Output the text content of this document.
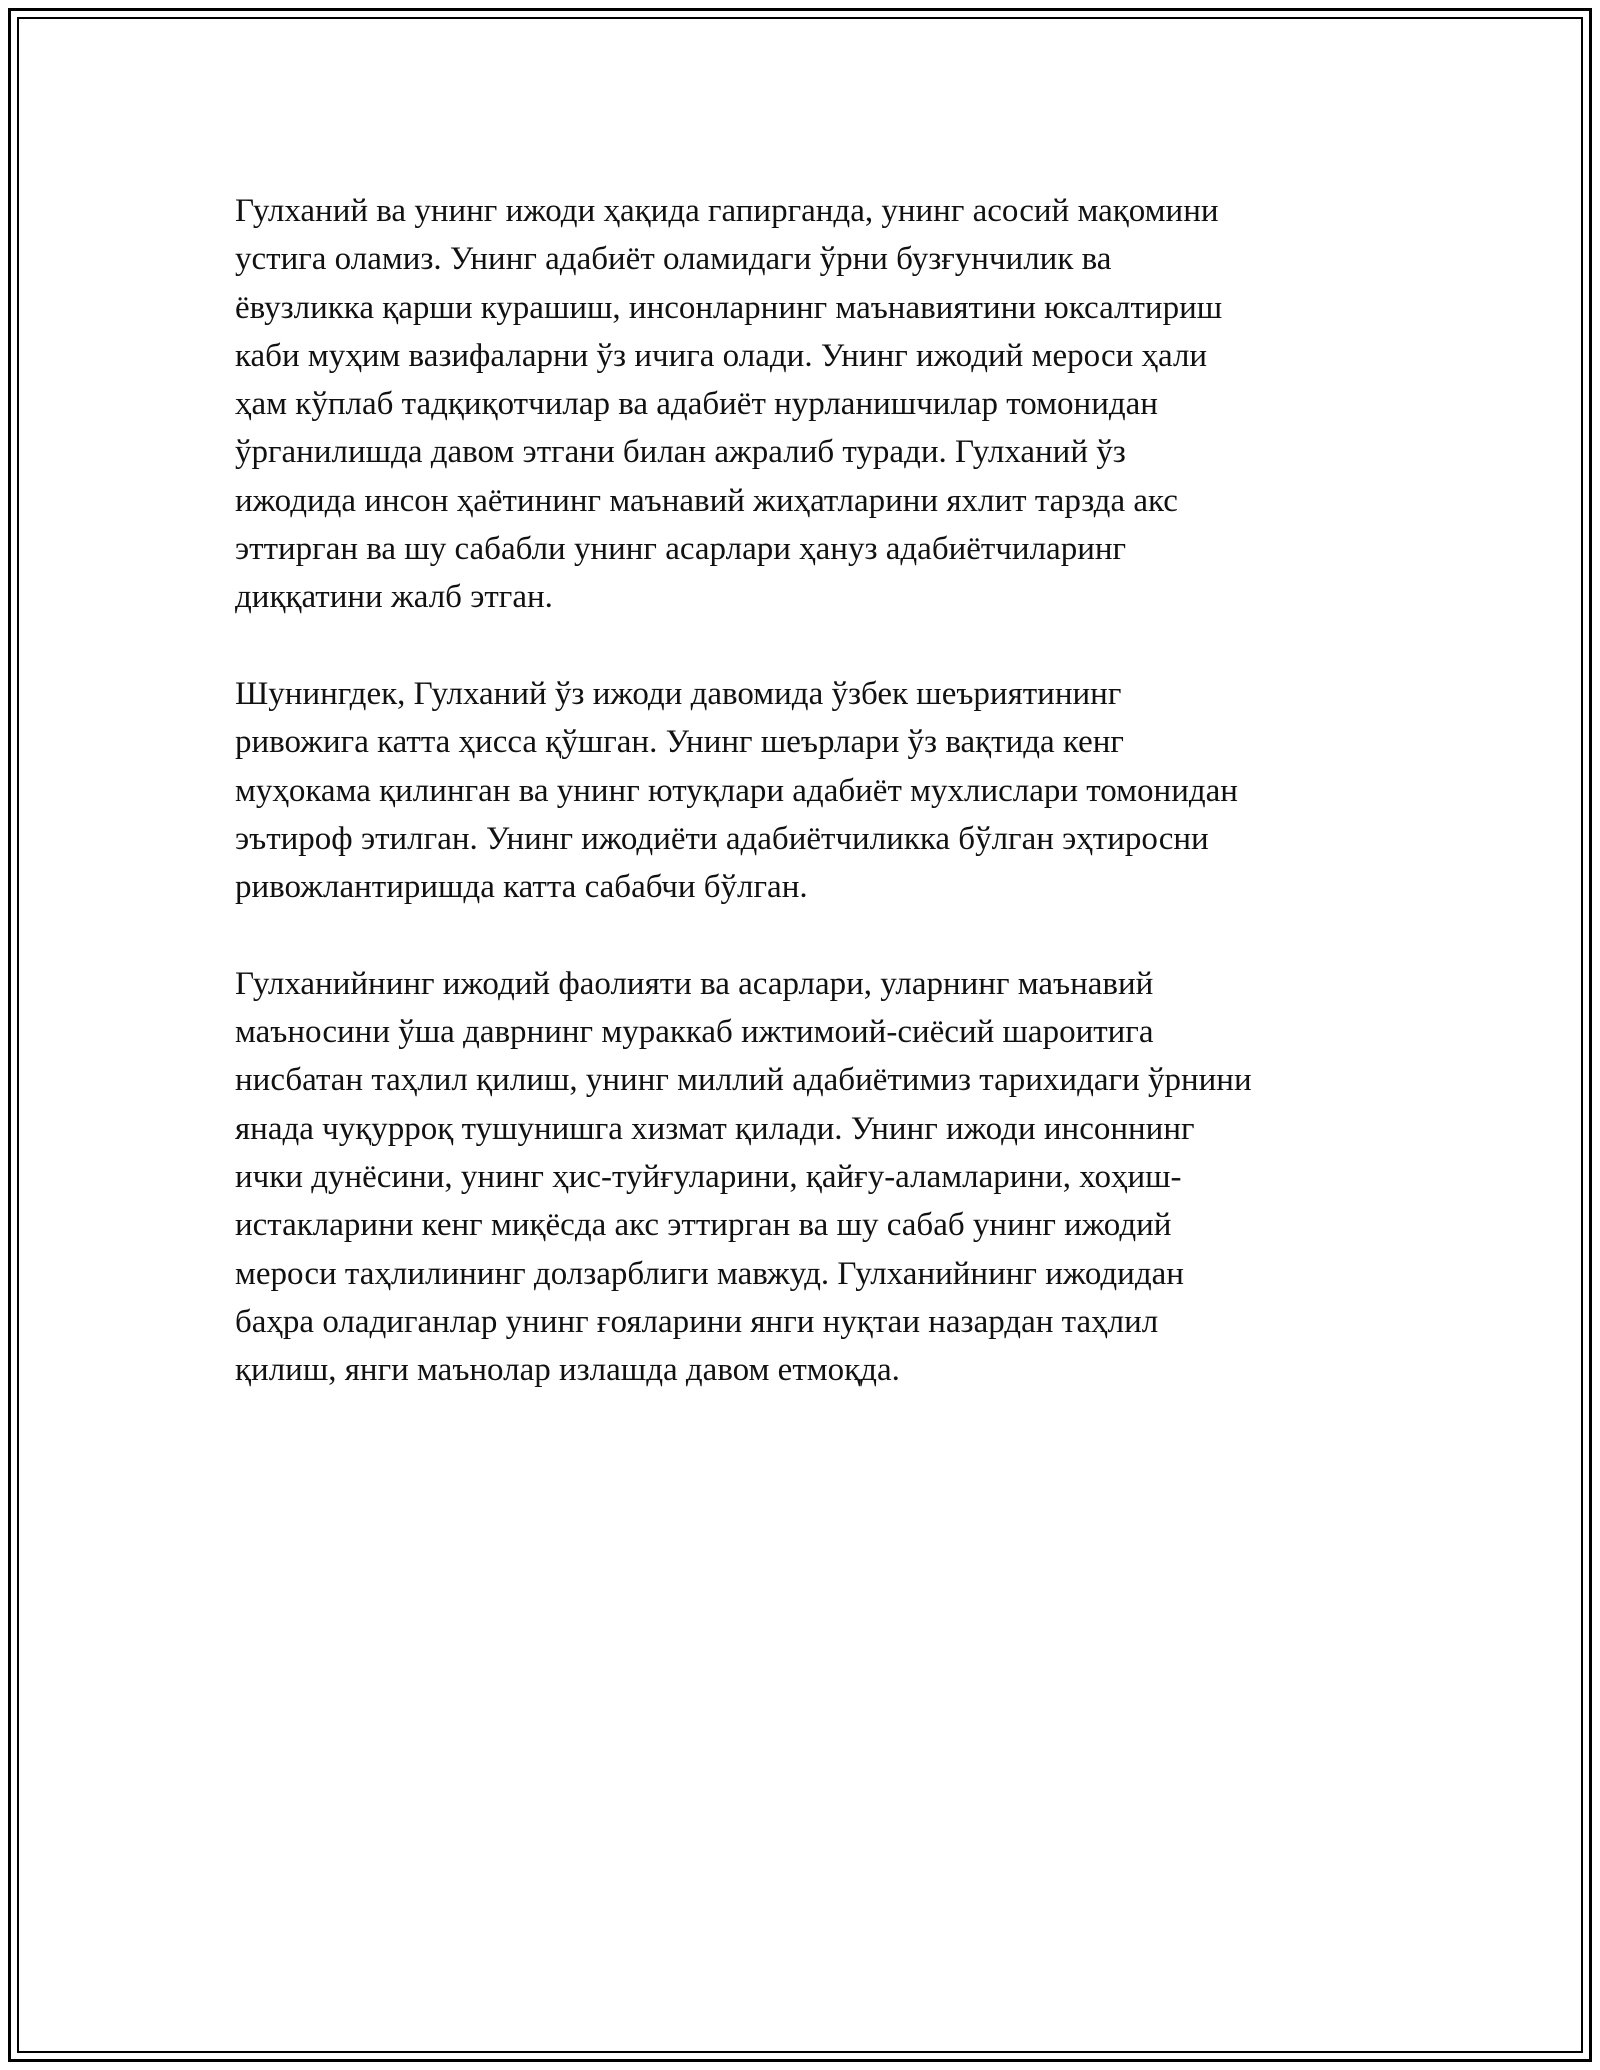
Гулханий ва унинг ижоди ҳақида гапирганда, унинг асосий мақомини
устига оламиз. Унинг адабиёт оламидаги ўрни бузғунчилик ва
ёвузликка қарши курашиш, инсонларнинг маънавиятини юксалтириш
каби муҳим вазифаларни ўз ичига олади. Унинг ижодий мероси ҳали
ҳам кўплаб тадқиқотчилар ва адабиёт нурланишчилар томонидан
ўрганилишда давом этгани билан ажралиб туради. Гулханий ўз
ижодида инсон ҳаётининг маънавий жиҳатларини яхлит тарзда акс
эттирган ва шу сабабли унинг асарлари ҳануз адабиётчиларинг
диққатини жалб этган.

Шунингдек, Гулханий ўз ижоди давомида ўзбек шеъриятининг
ривожига катта ҳисса қўшган. Унинг шеърлари ўз вақтида кенг
муҳокама қилинган ва унинг ютуқлари адабиёт мухлислари томонидан
эътироф этилган. Унинг ижодиёти адабиётчиликка бўлган эҳтиросни
ривожлантиришда катта сабабчи бўлган.

Гулханийнинг ижодий фаолияти ва асарлари, уларнинг маънавий
маъносини ўша даврнинг мураккаб ижтимоий-сиёсий шароитига
нисбатан таҳлил қилиш, унинг миллий адабиётимиз тарихидаги ўрнини
янада чуқурроқ тушунишга хизмат қилади. Унинг ижоди инсоннинг
ички дунёсини, унинг ҳис-туйғуларини, қайғу-аламларини, хоҳиш-
истакларини кенг миқёсда акс эттирган ва шу сабаб унинг ижодий
мероси таҳлилининг долзарблиги мавжуд. Гулханийнинг ижодидан
баҳра оладиганлар унинг ғояларини янги нуқтаи назардан таҳлил
қилиш, янги маънолар излашда давом етмоқда.
